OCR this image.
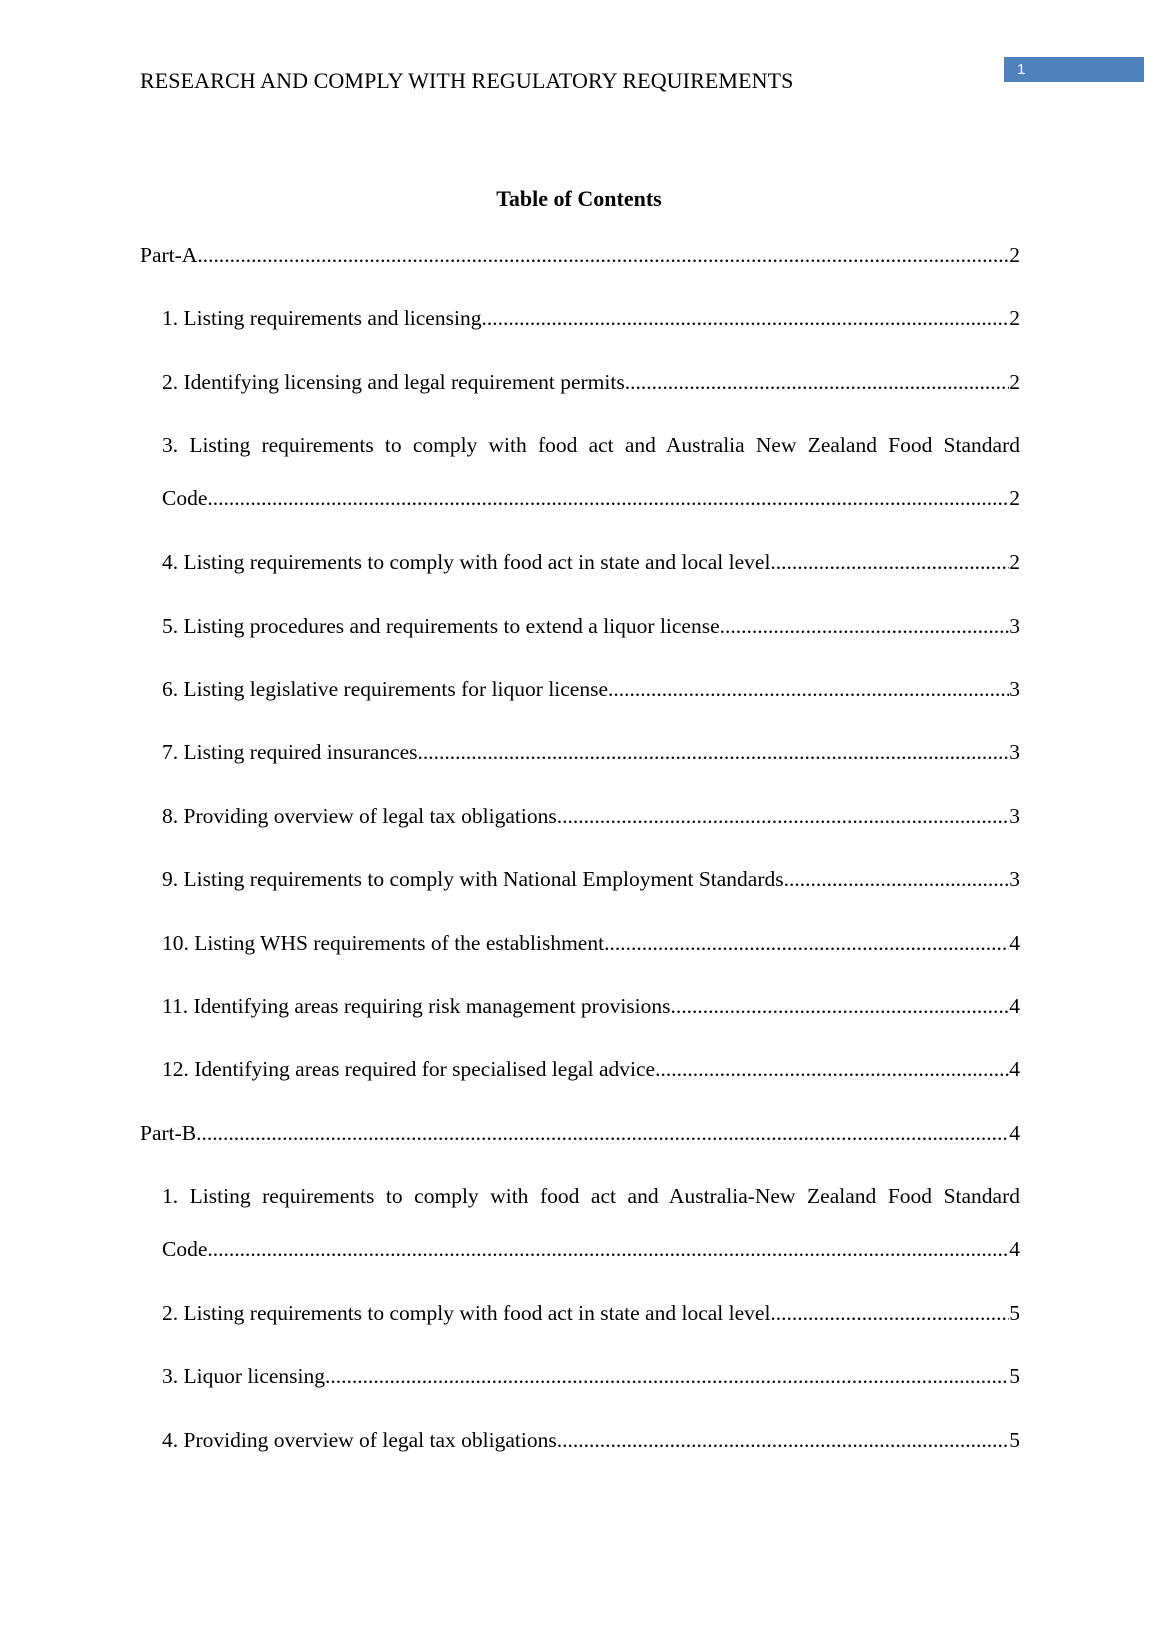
RESEARCH AND COMPLY WITH REGULATORY REQUIREMENTS	1
Table of Contents
Part-A .....	2
1. Listing requirements and licensing .....	2
2. Identifying licensing and legal requirement permits .....	2
3. Listing requirements to comply with food act and Australia New Zealand Food Standard
Code .....	2
4. Listing requirements to comply with food act in state and local level .....	2
5. Listing procedures and requirements to extend a liquor license .....	3
6. Listing legislative requirements for liquor license .....	3
7. Listing required insurances .....	3
8. Providing overview of legal tax obligations .....	3
9. Listing requirements to comply with National Employment Standards .....	3
10. Listing WHS requirements of the establishment .....	4
11. Identifying areas requiring risk management provisions .....	4
12. Identifying areas required for specialised legal advice .....	4
Part-B .....	4
1. Listing requirements to comply with food act and Australia-New Zealand Food Standard
Code .....	4
2. Listing requirements to comply with food act in state and local level .....	5
3. Liquor licensing .....	5
4. Providing overview of legal tax obligations .....	5
